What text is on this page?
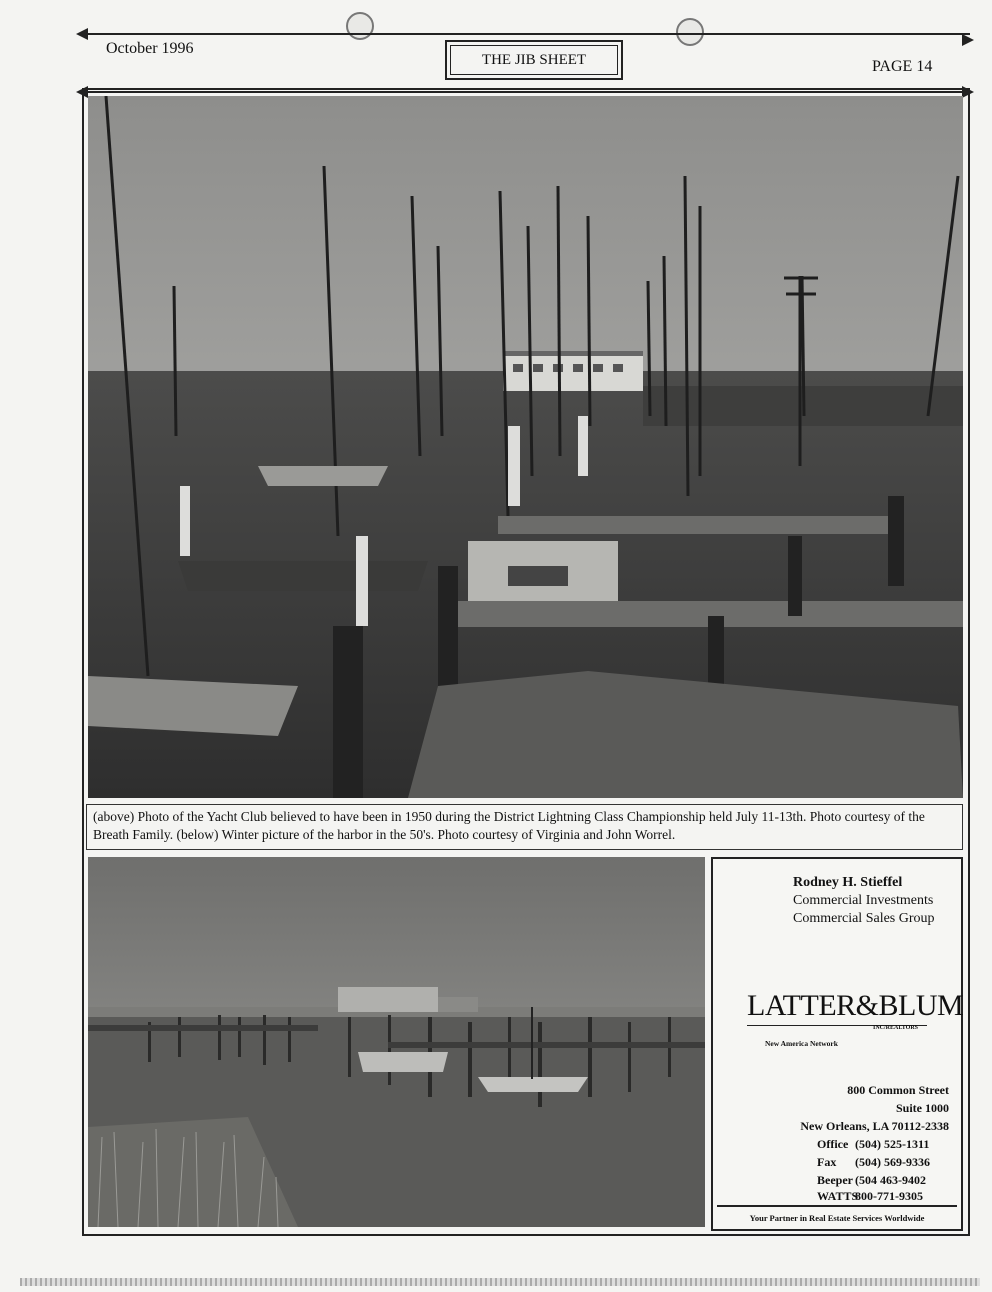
October 1996
THE JIB SHEET	PAGE 14
(above) Photo of the Yacht Club believed to have been in 1950 during the District Lightning Class Championship held July 11-13th. Photo courtesy of the Breath Family. (below) Winter picture of the harbor in the 50's. Photo courtesy of Virginia and John Worrel.
Rodney H. Stieffel
Commercial Investments
Commercial Sales Group
LATTER&BLUM
INC/REALTORS
New America Network
800 Common Street
Suite 1000
New Orleans, LA 70112-2338
Office (504) 525-1311
Fax (504) 569-9336
Beeper (504 463-9402
WATTS
800-771-9305
Your Partner in Real Estate Services Worldwide
